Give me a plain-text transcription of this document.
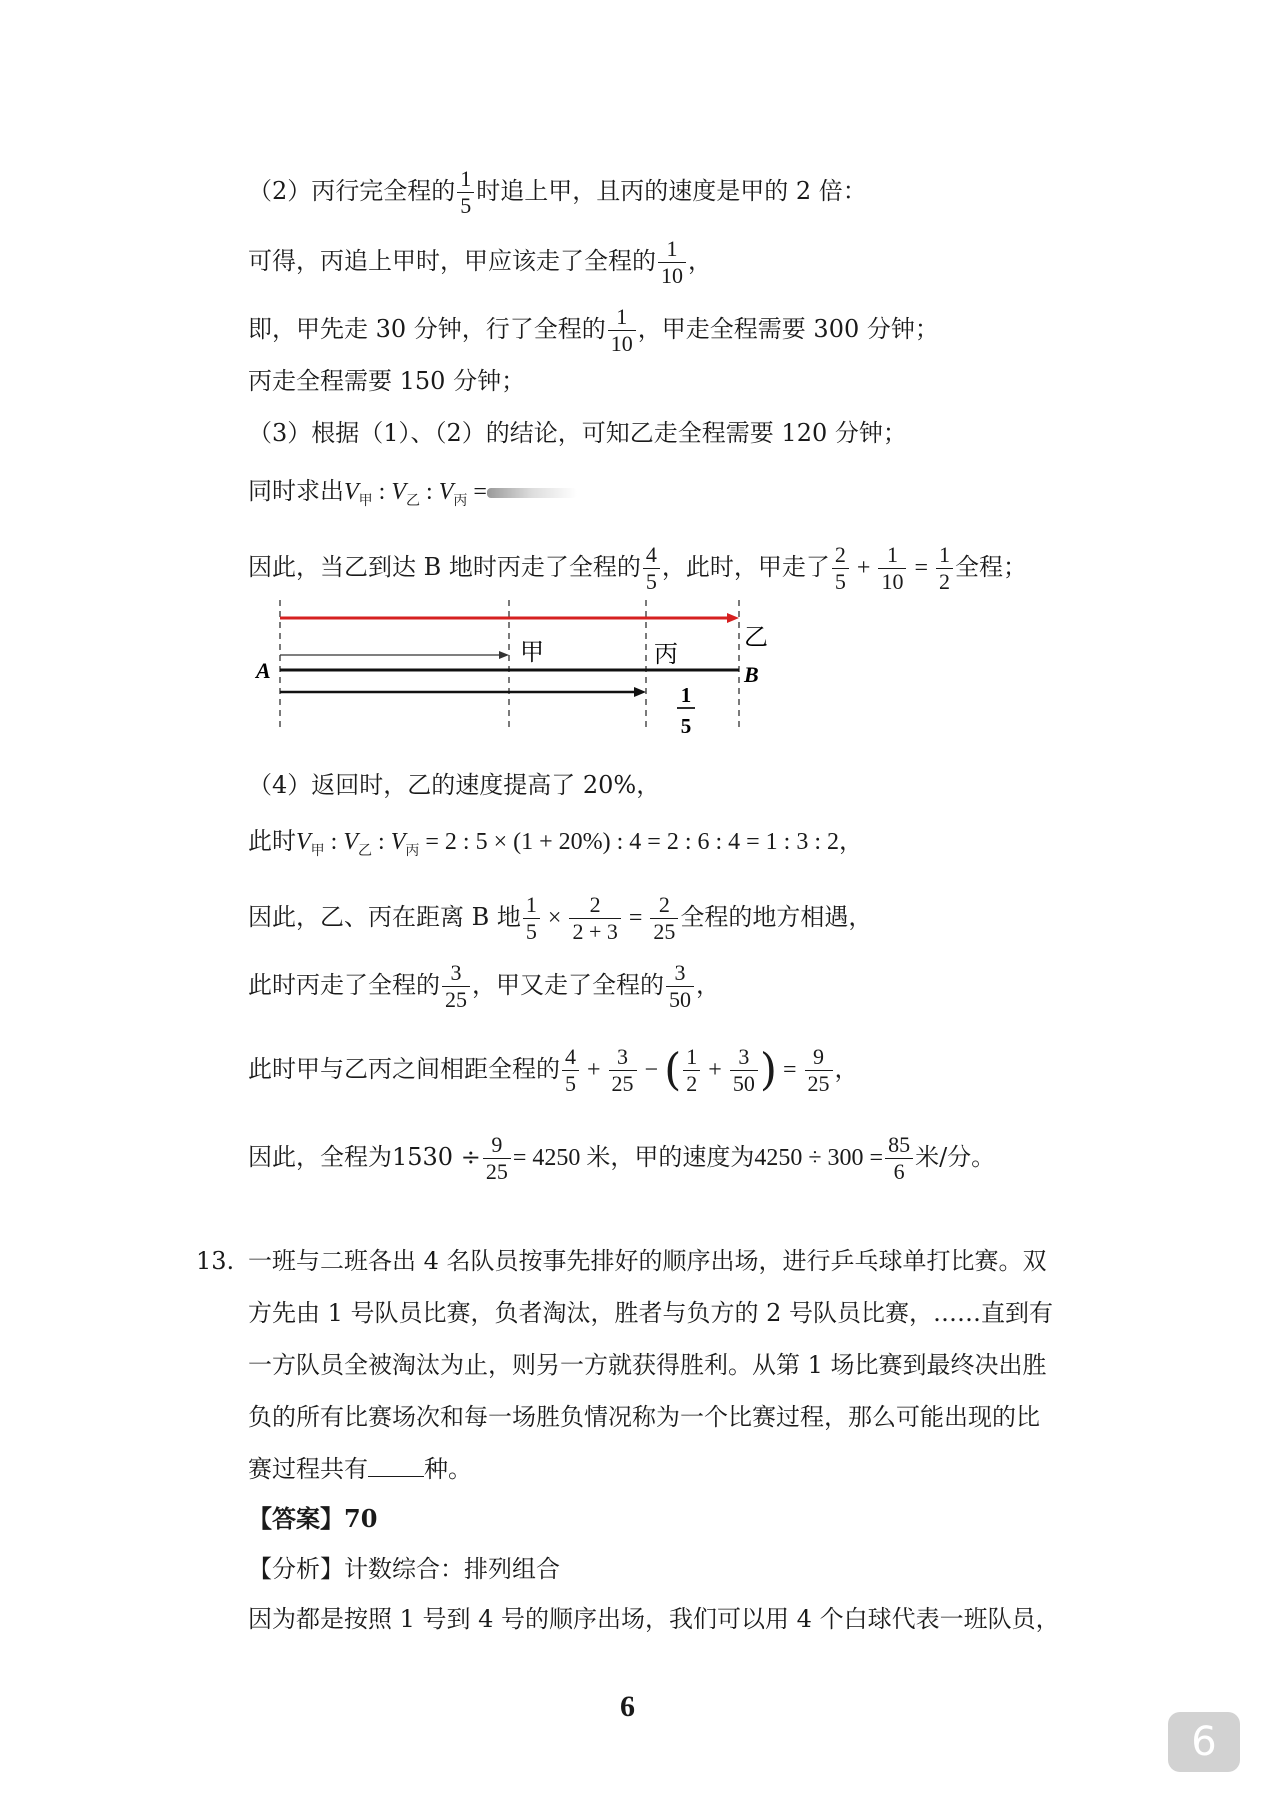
（2）丙行完全程的 $\frac{1}{5}$ 时追上甲，且丙的速度是甲的 2 倍：
可得，丙追上甲时，甲应该走了全程的 $\frac{1}{10}$ ，
即，甲先走 30 分钟，行了全程的 $\frac{1}{10}$ ，甲走全程需要 300 分钟；
丙走全程需要 150 分钟；
（3）根据（1）、（2）的结论，可知乙走全程需要 120 分钟；
同时求出$V_甲$ : $V_乙$ : $V_丙$ =
因此，当乙到达 B 地时丙走了全程的 $\frac{4}{5}$ ，此时，甲走了 $\frac{2}{5} + \frac{1}{10} = \frac{1}{2}$ 全程；
A	B
甲	丙
乙
1
5
（4）返回时，乙的速度提高了 20%，
此时$V_甲$ : $V_乙$ : $V_丙 = 2$ : 5 × (1 + 20%) : 4 = 2 : 6 : 4 = 1 : 3 : 2，
因此，乙、丙在距离 B 地 $\frac{1}{5} \times \frac{2}{2 + 3} = \frac{2}{25}$ 全程的地方相遇，
此时丙走了全程的 $\frac{3}{25}$ ，甲又走了全程的 $\frac{3}{50}$ ，
此时甲与乙丙之间相距全程的 $\frac{4}{5} + \frac{3}{25}$ − ( $\frac{1}{2} + \frac{3}{50}$ ) = $\frac{9}{25}$ ，
因此，全程为$1530 \div \frac{9}{25} = 4250$ 米，甲的速度为$4250 \div 300 = \frac{85}{6}$ 米/分。
13. 一班与二班各出 4 名队员按事先排好的顺序出场，进行乒乓球单打比赛。双
方先由 1 号队员比赛，负者淘汰，胜者与负方的 2 号队员比赛，……直到有
一方队员全被淘汰为止，则另一方就获得胜利。从第 1 场比赛到最终决出胜
负的所有比赛场次和每一场胜负情况称为一个比赛过程，那么可能出现的比
赛过程共有 种。
【答案】70
【分析】计数综合：排列组合
因为都是按照 1 号到 4 号的顺序出场，我们可以用 4 个白球代表一班队员，
6
6
